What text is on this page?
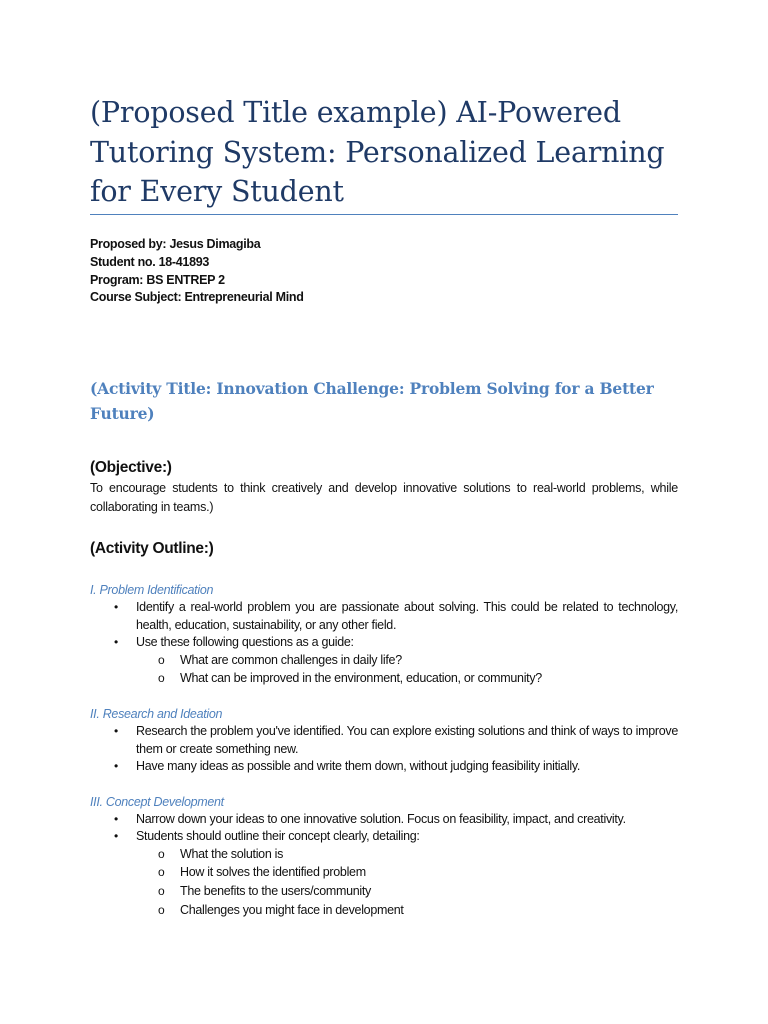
(Proposed Title example) AI-Powered Tutoring System: Personalized Learning for Every Student
Proposed by: Jesus Dimagiba
Student no. 18-41893
Program: BS ENTREP 2
Course Subject: Entrepreneurial Mind
(Activity Title: Innovation Challenge: Problem Solving for a Better Future)
(Objective:)

To encourage students to think creatively and develop innovative solutions to real-world problems, while collaborating in teams.)

(Activity Outline:)
I. Problem Identification
• Identify a real-world problem you are passionate about solving. This could be related to technology, health, education, sustainability, or any other field.
• Use these following questions as a guide:
o What are common challenges in daily life?
o What can be improved in the environment, education, or community?
II. Research and Ideation
• Research the problem you've identified. You can explore existing solutions and think of ways to improve them or create something new.
• Have many ideas as possible and write them down, without judging feasibility initially.
III. Concept Development
• Narrow down your ideas to one innovative solution. Focus on feasibility, impact, and creativity.
• Students should outline their concept clearly, detailing:
o What the solution is
o How it solves the identified problem
o The benefits to the users/community
o Challenges you might face in development
